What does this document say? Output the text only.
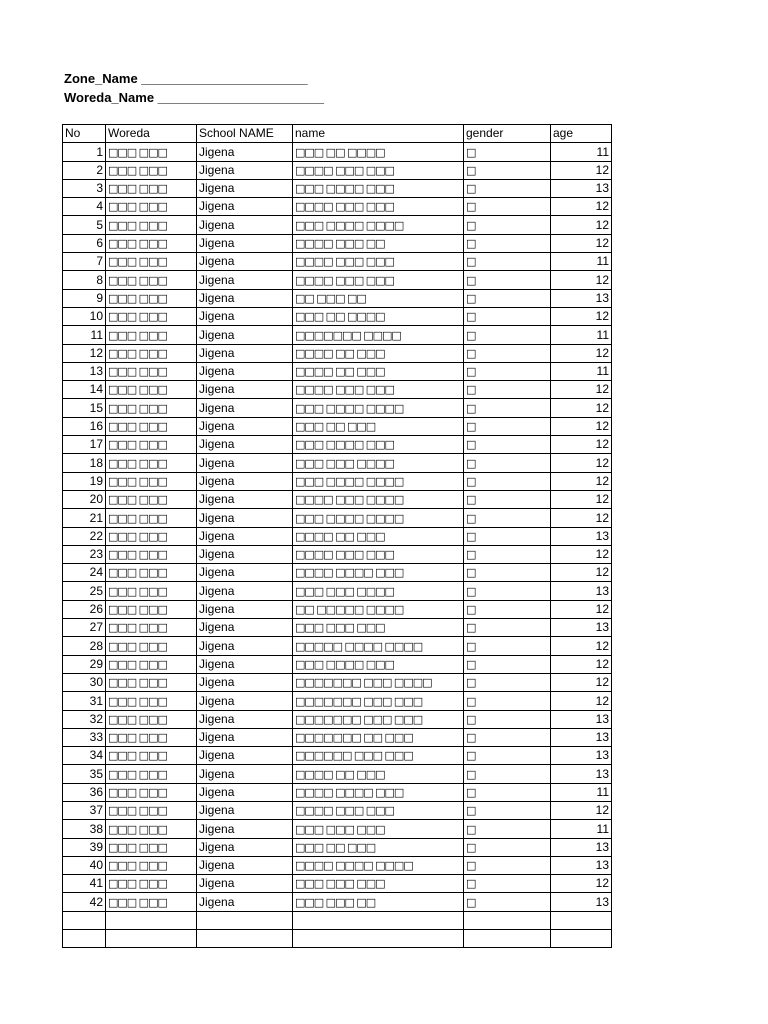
Zone_Name _______________________
Woreda_Name _______________________
No	Woreda	School NAME	name	gender	age
1	□□□ □□□	Jigena	□□□ □□ □□□□	□	11
2	□□□ □□□	Jigena	□□□□ □□□ □□□	□	12
3	□□□ □□□	Jigena	□□□ □□□□ □□□	□	13
4	□□□ □□□	Jigena	□□□□ □□□ □□□	□	12
5	□□□ □□□	Jigena	□□□ □□□□ □□□□	□	12
6	□□□ □□□	Jigena	□□□□ □□□ □□	□	12
7	□□□ □□□	Jigena	□□□□ □□□ □□□	□	11
8	□□□ □□□	Jigena	□□□□ □□□ □□□	□	12
9	□□□ □□□	Jigena	□□ □□□ □□	□	13
10	□□□ □□□	Jigena	□□□ □□ □□□□	□	12
11	□□□ □□□	Jigena	□□□□□□□ □□□□	□	11
12	□□□ □□□	Jigena	□□□□ □□ □□□	□	12
13	□□□ □□□	Jigena	□□□□ □□ □□□	□	11
14	□□□ □□□	Jigena	□□□□ □□□ □□□	□	12
15	□□□ □□□	Jigena	□□□ □□□□ □□□□	□	12
16	□□□ □□□	Jigena	□□□ □□ □□□	□	12
17	□□□ □□□	Jigena	□□□ □□□□ □□□	□	12
18	□□□ □□□	Jigena	□□□ □□□ □□□□	□	12
19	□□□ □□□	Jigena	□□□ □□□□ □□□□	□	12
20	□□□ □□□	Jigena	□□□□ □□□ □□□□	□	12
21	□□□ □□□	Jigena	□□□ □□□□ □□□□	□	12
22	□□□ □□□	Jigena	□□□□ □□ □□□	□	13
23	□□□ □□□	Jigena	□□□□ □□□ □□□	□	12
24	□□□ □□□	Jigena	□□□□ □□□□ □□□	□	12
25	□□□ □□□	Jigena	□□□ □□□ □□□□	□	13
26	□□□ □□□	Jigena	□□ □□□□□ □□□□	□	12
27	□□□ □□□	Jigena	□□□ □□□ □□□	□	13
28	□□□ □□□	Jigena	□□□□□ □□□□ □□□□	□	12
29	□□□ □□□	Jigena	□□□ □□□□ □□□	□	12
30	□□□ □□□	Jigena	□□□□□□□ □□□ □□□□	□	12
31	□□□ □□□	Jigena	□□□□□□□ □□□ □□□	□	12
32	□□□ □□□	Jigena	□□□□□□□ □□□ □□□	□	13
33	□□□ □□□	Jigena	□□□□□□□ □□ □□□	□	13
34	□□□ □□□	Jigena	□□□□□□ □□□ □□□	□	13
35	□□□ □□□	Jigena	□□□□ □□ □□□	□	13
36	□□□ □□□	Jigena	□□□□ □□□□ □□□	□	11
37	□□□ □□□	Jigena	□□□□ □□□ □□□	□	12
38	□□□ □□□	Jigena	□□□ □□□ □□□	□	11
39	□□□ □□□	Jigena	□□□ □□ □□□	□	13
40	□□□ □□□	Jigena	□□□□ □□□□ □□□□	□	13
41	□□□ □□□	Jigena	□□□ □□□ □□□	□	12
42	□□□ □□□	Jigena	□□□ □□□ □□	□	13
